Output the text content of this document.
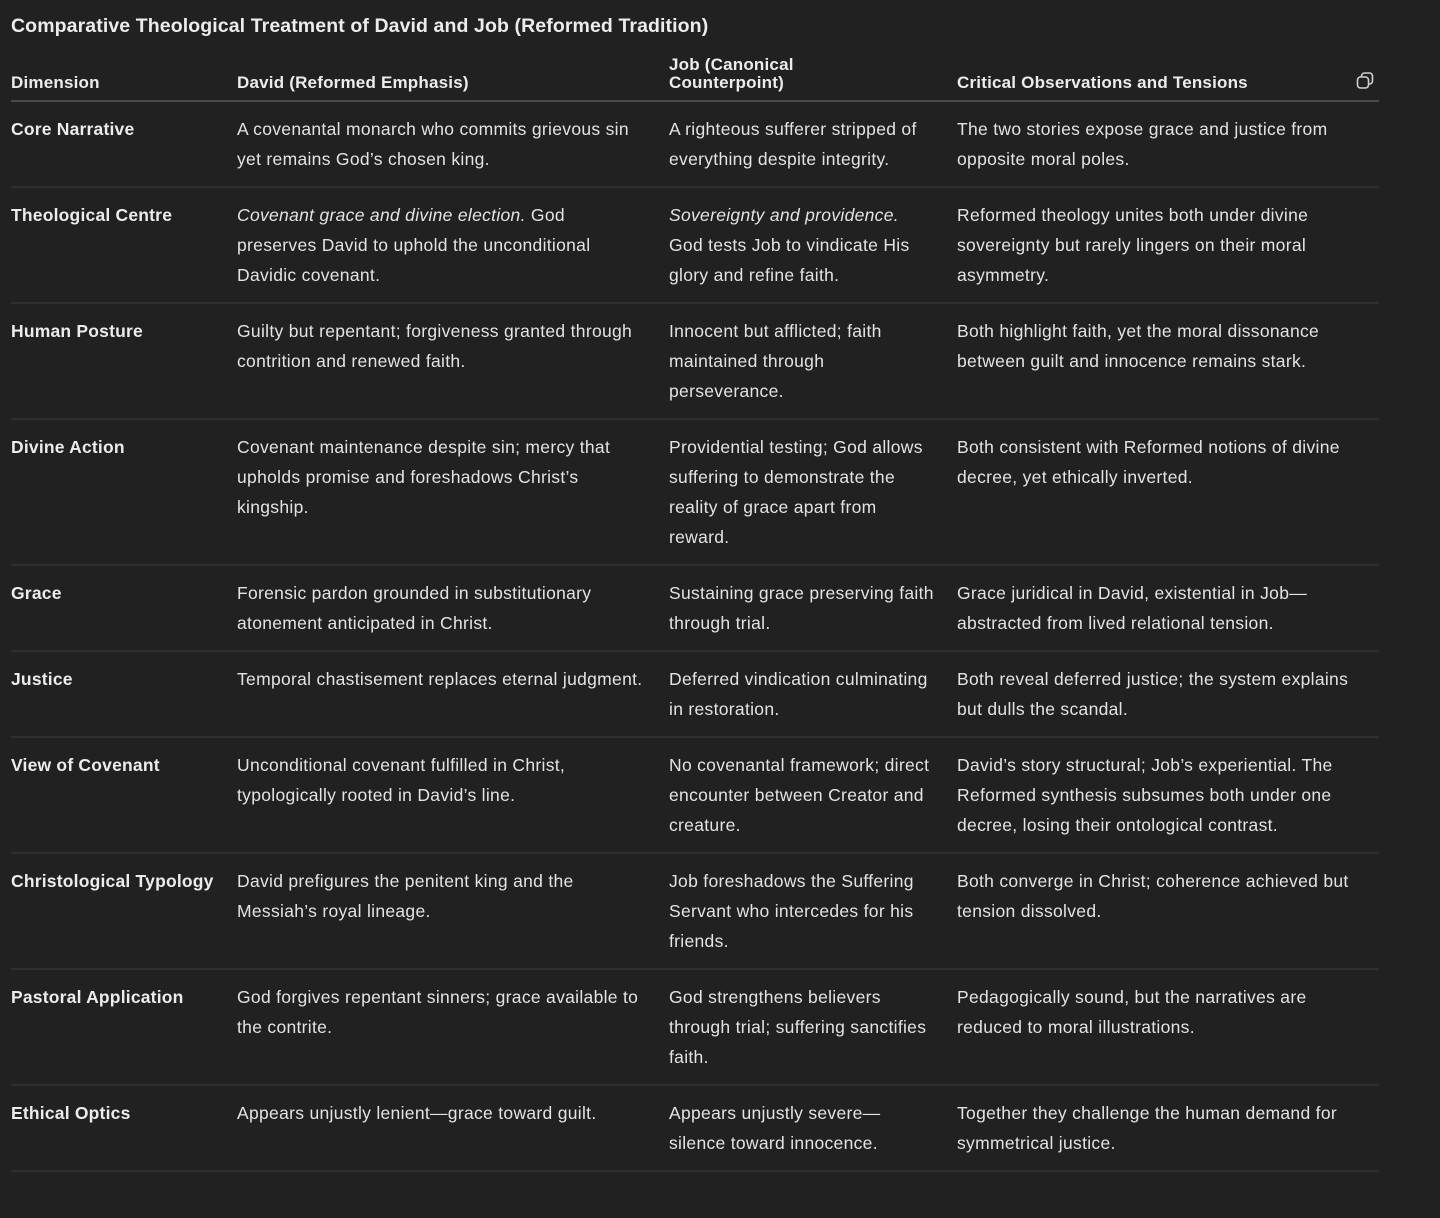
Comparative Theological Treatment of David and Job (Reformed Tradition)
Dimension	David (Reformed Emphasis)	Job (Canonical Counterpoint)	Critical Observations and Tensions

Core Narrative	A covenantal monarch who commits grievous sin yet remains God’s chosen king.	A righteous sufferer stripped of everything despite integrity.	The two stories expose grace and justice from opposite moral poles.
Theological Centre	Covenant grace and divine election. God preserves David to uphold the unconditional Davidic covenant.	Sovereignty and providence. God tests Job to vindicate His glory and refine faith.	Reformed theology unites both under divine sovereignty but rarely lingers on their moral asymmetry.
Human Posture	Guilty but repentant; forgiveness granted through contrition and renewed faith.	Innocent but afflicted; faith maintained through perseverance.	Both highlight faith, yet the moral dissonance between guilt and innocence remains stark.
Divine Action	Covenant maintenance despite sin; mercy that upholds promise and foreshadows Christ’s kingship.	Providential testing; God allows suffering to demonstrate the reality of grace apart from reward.	Both consistent with Reformed notions of divine decree, yet ethically inverted.
Grace	Forensic pardon grounded in substitutionary atonement anticipated in Christ.	Sustaining grace preserving faith through trial.	Grace juridical in David, existential in Job—abstracted from lived relational tension.
Justice	Temporal chastisement replaces eternal judgment.	Deferred vindication culminating in restoration.	Both reveal deferred justice; the system explains but dulls the scandal.
View of Covenant	Unconditional covenant fulfilled in Christ, typologically rooted in David’s line.	No covenantal framework; direct encounter between Creator and creature.	David’s story structural; Job’s experiential. The Reformed synthesis subsumes both under one decree, losing their ontological contrast.
Christological Typology	David prefigures the penitent king and the Messiah’s royal lineage.	Job foreshadows the Suffering Servant who intercedes for his friends.	Both converge in Christ; coherence achieved but tension dissolved.
Pastoral Application	God forgives repentant sinners; grace available to the contrite.	God strengthens believers through trial; suffering sanctifies faith.	Pedagogically sound, but the narratives are reduced to moral illustrations.
Ethical Optics	Appears unjustly lenient—grace toward guilt.	Appears unjustly severe—silence toward innocence.	Together they challenge the human demand for symmetrical justice.
